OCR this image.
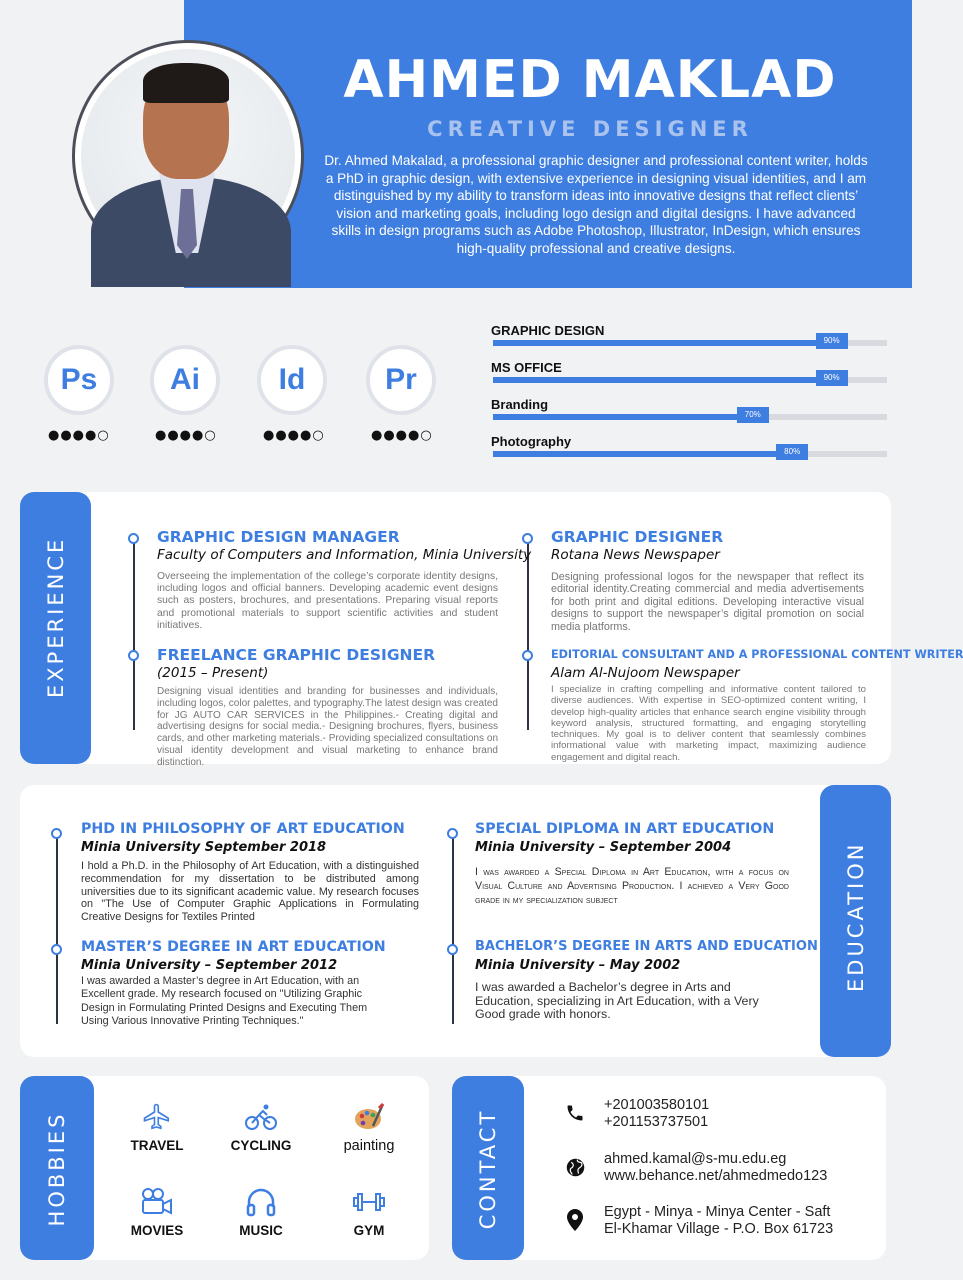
AHMED MAKLAD
CREATIVE DESIGNER
Dr. Ahmed Makalad, a professional graphic designer and professional content writer, holds a PhD in graphic design, with extensive experience in designing visual identities, and I am distinguished by my ability to transform ideas into innovative designs that reflect clients’ vision and marketing goals, including logo design and digital designs. I have advanced skills in design programs such as Adobe Photoshop, Illustrator, InDesign, which ensures high-quality professional and creative designs.
Ps	Ai	Id	Pr
●●●●○	●●●●○	●●●●○	●●●●○
GRAPHIC DESIGN
90%
MS OFFICE
90%
Branding
70%
Photography
80%
EXPERIENCE	GRAPHIC DESIGN MANAGER
Faculty of Computers and Information, Minia University
Overseeing the implementation of the college’s corporate identity designs, including logos and official banners. Developing academic event designs such as posters, brochures, and presentations. Preparing visual reports and promotional materials to support scientific activities and student initiatives.
FREELANCE GRAPHIC DESIGNER
(2015 – Present)
Designing visual identities and branding for businesses and individuals, including logos, color palettes, and typography.The latest design was created for JG AUTO CAR SERVICES in the Philippines.- Creating digital and advertising designs for social media.- Designing brochures, flyers, business cards, and other marketing materials.- Providing specialized consultations on visual identity development and visual marketing to enhance brand distinction.
GRAPHIC DESIGNER
Rotana News Newspaper
Designing professional logos for the newspaper that reflect its editorial identity.Creating commercial and media advertisements for both print and digital editions. Developing interactive visual designs to support the newspaper’s digital promotion on social media platforms.
EDITORIAL CONSULTANT AND A PROFESSIONAL CONTENT WRITER
Alam Al-Nujoom Newspaper
I specialize in crafting compelling and informative content tailored to diverse audiences. With expertise in SEO-optimized content writing, I develop high-quality articles that enhance search engine visibility through keyword analysis, structured formatting, and engaging storytelling techniques. My goal is to deliver content that seamlessly combines informational value with marketing impact, maximizing audience engagement and digital reach.
EDUCATION
PHD IN PHILOSOPHY OF ART EDUCATION
Minia University September 2018
I hold a Ph.D. in the Philosophy of Art Education, with a distinguished recommendation for my dissertation to be distributed among universities due to its significant academic value. My research focuses on "The Use of Computer Graphic Applications in Formulating Creative Designs for Textiles Printed
MASTER’S DEGREE IN ART EDUCATION
Minia University – September 2012
I was awarded a Master’s degree in Art Education, with an Excellent grade. My research focused on "Utilizing Graphic Design in Formulating Printed Designs and Executing Them Using Various Innovative Printing Techniques."
SPECIAL DIPLOMA IN ART EDUCATION
Minia University – September 2004
I was awarded a Special Diploma in Art Education, with a focus on Visual Culture and Advertising Production. I achieved a Very Good grade in my specialization subject
BACHELOR’S DEGREE IN ARTS AND EDUCATION
Minia University – May 2002
I was awarded a Bachelor’s degree in Arts and Education, specializing in Art Education, with a Very Good grade with honors.
HOBBIES	TRAVEL	CYCLING	painting
MOVIES	MUSIC	GYM
CONTACT
+201003580101
+201153737501
ahmed.kamal@s-mu.edu.eg
www.behance.net/ahmedmedo123
Egypt - Minya - Minya Center - Saft
El-Khamar Village - P.O. Box 61723
